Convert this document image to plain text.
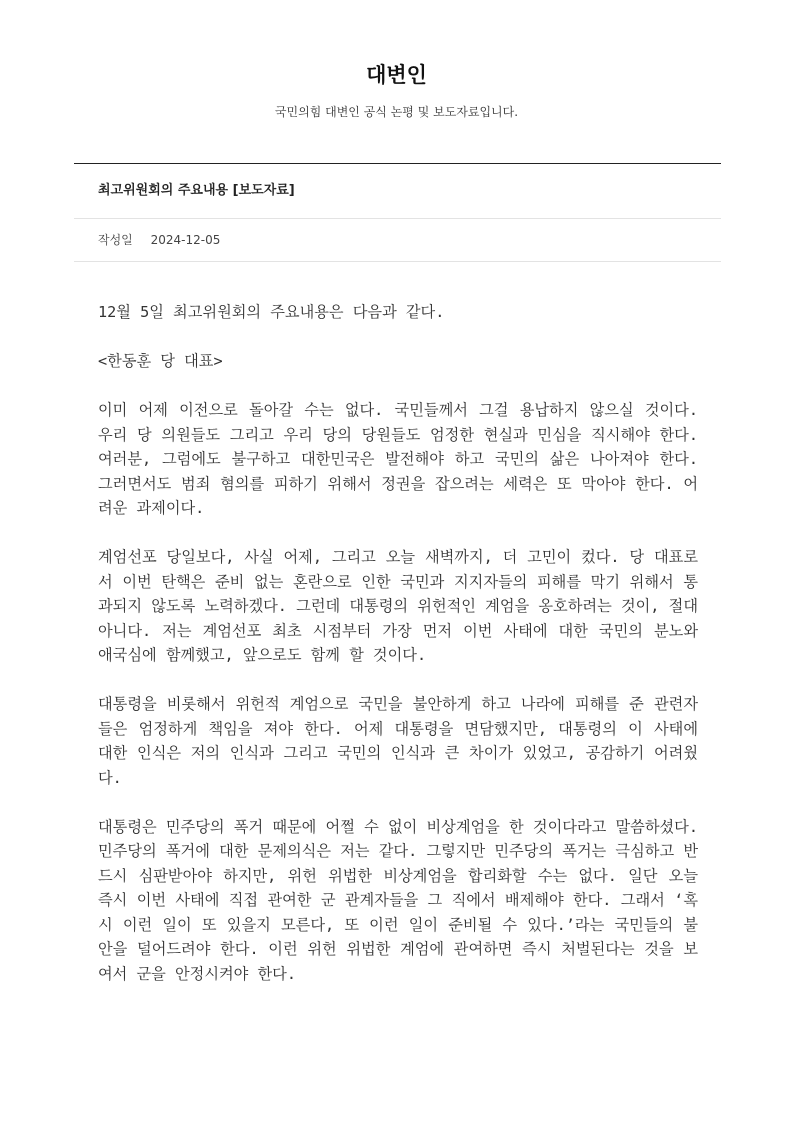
대변인
국민의힘 대변인 공식 논평 및 보도자료입니다.
최고위원회의 주요내용 [보도자료]
작성일 2024-12-05

12월 5일 최고위원회의 주요내용은 다음과 같다.

<한동훈 당 대표>

이미 어제 이전으로 돌아갈 수는 없다. 국민들께서 그걸 용납하지 않으실 것이다. 우리 당 의원들도 그리고 우리 당의 당원들도 엄정한 현실과 민심을 직시해야 한다. 여러분, 그럼에도 불구하고 대한민국은 발전해야 하고 국민의 삶은 나아져야 한다. 그러면서도 범죄 혐의를 피하기 위해서 정권을 잡으려는 세력은 또 막아야 한다. 어려운 과제이다.

계엄선포 당일보다, 사실 어제, 그리고 오늘 새벽까지, 더 고민이 컸다. 당 대표로서 이번 탄핵은 준비 없는 혼란으로 인한 국민과 지지자들의 피해를 막기 위해서 통과되지 않도록 노력하겠다. 그런데 대통령의 위헌적인 계엄을 옹호하려는 것이, 절대 아니다. 저는 계엄선포 최초 시점부터 가장 먼저 이번 사태에 대한 국민의 분노와 애국심에 함께했고, 앞으로도 함께 할 것이다.

대통령을 비롯해서 위헌적 계엄으로 국민을 불안하게 하고 나라에 피해를 준 관련자들은 엄정하게 책임을 져야 한다. 어제 대통령을 면담했지만, 대통령의 이 사태에 대한 인식은 저의 인식과 그리고 국민의 인식과 큰 차이가 있었고, 공감하기 어려웠다.

대통령은 민주당의 폭거 때문에 어쩔 수 없이 비상계엄을 한 것이다라고 말씀하셨다. 민주당의 폭거에 대한 문제의식은 저는 같다. 그렇지만 민주당의 폭거는 극심하고 반드시 심판받아야 하지만, 위헌 위법한 비상계엄을 합리화할 수는 없다. 일단 오늘 즉시 이번 사태에 직접 관여한 군 관계자들을 그 직에서 배제해야 한다. 그래서 ‘혹시 이런 일이 또 있을지 모른다, 또 이런 일이 준비될 수 있다.’라는 국민들의 불안을 덜어드려야 한다. 이런 위헌 위법한 계엄에 관여하면 즉시 처벌된다는 것을 보여서 군을 안정시켜야 한다.
